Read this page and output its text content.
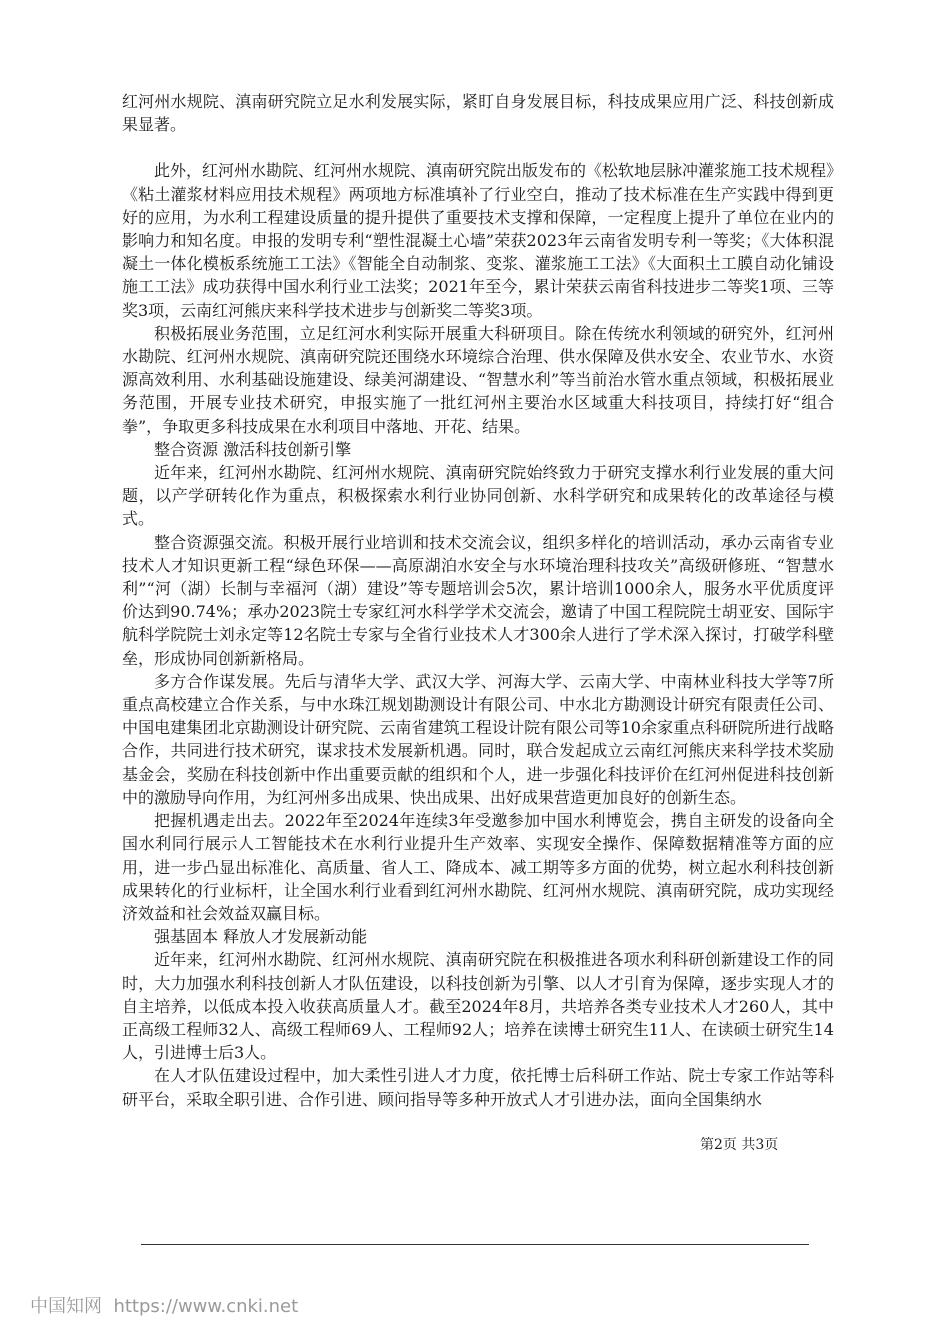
红河州水规院、滇南研究院立足水利发展实际，紧盯自身发展目标，科技成果应用广泛、科技创新成果显著。

此外，红河州水勘院、红河州水规院、滇南研究院出版发布的《松软地层脉冲灌浆施工技术规程》《粘土灌浆材料应用技术规程》两项地方标准填补了行业空白，推动了技术标准在生产实践中得到更好的应用，为水利工程建设质量的提升提供了重要技术支撑和保障，一定程度上提升了单位在业内的影响力和知名度。申报的发明专利“塑性混凝土心墙”荣获2023年云南省发明专利一等奖；《大体积混凝土一体化模板系统施工工法》《智能全自动制浆、变浆、灌浆施工工法》《大面积土工膜自动化铺设施工工法》成功获得中国水利行业工法奖；2021年至今，累计荣获云南省科技进步二等奖1项、三等奖3项，云南红河熊庆来科学技术进步与创新奖二等奖3项。

积极拓展业务范围，立足红河水利实际开展重大科研项目。除在传统水利领域的研究外，红河州水勘院、红河州水规院、滇南研究院还围绕水环境综合治理、供水保障及供水安全、农业节水、水资源高效利用、水利基础设施建设、绿美河湖建设、“智慧水利”等当前治水管水重点领域，积极拓展业务范围，开展专业技术研究，申报实施了一批红河州主要治水区域重大科技项目，持续打好“组合拳”，争取更多科技成果在水利项目中落地、开花、结果。

整合资源 激活科技创新引擎

近年来，红河州水勘院、红河州水规院、滇南研究院始终致力于研究支撑水利行业发展的重大问题，以产学研转化作为重点，积极探索水利行业协同创新、水科学研究和成果转化的改革途径与模式。

整合资源强交流。积极开展行业培训和技术交流会议，组织多样化的培训活动，承办云南省专业技术人才知识更新工程“绿色环保——高原湖泊水安全与水环境治理科技攻关”高级研修班、“智慧水利”“河（湖）长制与幸福河（湖）建设”等专题培训会5次，累计培训1000余人，服务水平优质度评价达到90.74%；承办2023院士专家红河水科学学术交流会，邀请了中国工程院院士胡亚安、国际宇航科学院院士刘永定等12名院士专家与全省行业技术人才300余人进行了学术深入探讨，打破学科壁垒，形成协同创新新格局。

多方合作谋发展。先后与清华大学、武汉大学、河海大学、云南大学、中南林业科技大学等7所重点高校建立合作关系，与中水珠江规划勘测设计有限公司、中水北方勘测设计研究有限责任公司、中国电建集团北京勘测设计研究院、云南省建筑工程设计院有限公司等10余家重点科研院所进行战略合作，共同进行技术研究，谋求技术发展新机遇。同时，联合发起成立云南红河熊庆来科学技术奖励基金会，奖励在科技创新中作出重要贡献的组织和个人，进一步强化科技评价在红河州促进科技创新中的激励导向作用，为红河州多出成果、快出成果、出好成果营造更加良好的创新生态。

把握机遇走出去。2022年至2024年连续3年受邀参加中国水利博览会，携自主研发的设备向全国水利同行展示人工智能技术在水利行业提升生产效率、实现安全操作、保障数据精准等方面的应用，进一步凸显出标准化、高质量、省人工、降成本、减工期等多方面的优势，树立起水利科技创新成果转化的行业标杆，让全国水利行业看到红河州水勘院、红河州水规院、滇南研究院，成功实现经济效益和社会效益双赢目标。

强基固本 释放人才发展新动能

近年来，红河州水勘院、红河州水规院、滇南研究院在积极推进各项水利科研创新建设工作的同时，大力加强水利科技创新人才队伍建设，以科技创新为引擎、以人才引育为保障，逐步实现人才的自主培养，以低成本投入收获高质量人才。截至2024年8月，共培养各类专业技术人才260人，其中正高级工程师32人、高级工程师69人、工程师92人；培养在读博士研究生11人、在读硕士研究生14人，引进博士后3人。

在人才队伍建设过程中，加大柔性引进人才力度，依托博士后科研工作站、院士专家工作站等科研平台，采取全职引进、合作引进、顾问指导等多种开放式人才引进办法，面向全国集纳水

第2页 共3页
中国知网  https://www.cnki.net
